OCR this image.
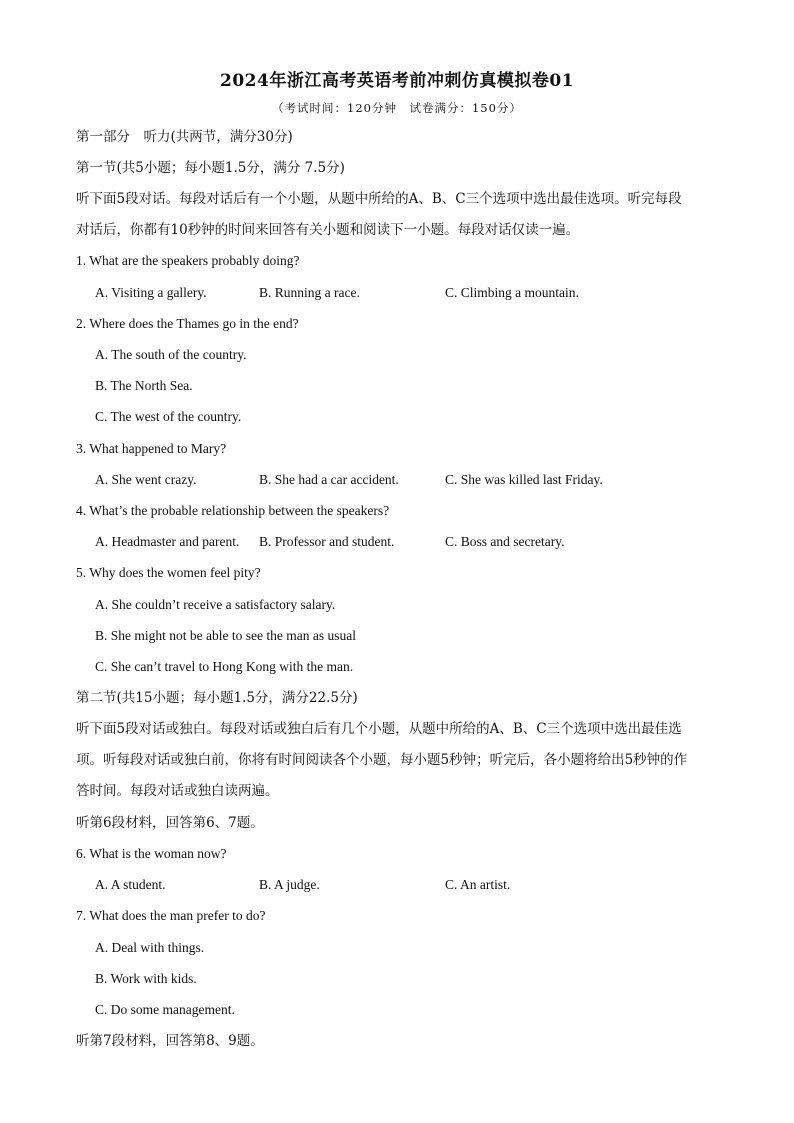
2024年浙江高考英语考前冲刺仿真模拟卷01
（考试时间：120分钟　试卷满分：150分）
第一部分　听力(共两节，满分30分)
第一节(共5小题；每小题1.5分，满分 7.5分)
听下面5段对话。每段对话后有一个小题，从题中所给的A、B、C三个选项中选出最佳选项。听完每段
对话后，你都有10秒钟的时间来回答有关小题和阅读下一小题。每段对话仅读一遍。
1. What are the speakers probably doing?
A. Visiting a gallery.	B. Running a race.	C. Climbing a mountain.
2. Where does the Thames go in the end?
A. The south of the country.
B. The North Sea.
C. The west of the country.
3. What happened to Mary?
A. She went crazy.	B. She had a car accident.	C. She was killed last Friday.
4. What’s the probable relationship between the speakers?
A. Headmaster and parent. B. Professor and student.	C. Boss and secretary.
5. Why does the women feel pity?
A. She couldn’t receive a satisfactory salary.
B. She might not be able to see the man as usual
C. She can’t travel to Hong Kong with the man.
第二节(共15小题；每小题1.5分，满分22.5分)
听下面5段对话或独白。每段对话或独白后有几个小题，从题中所给的A、B、C三个选项中选出最佳选
项。听每段对话或独白前，你将有时间阅读各个小题，每小题5秒钟；听完后，各小题将给出5秒钟的作
答时间。每段对话或独白读两遍。
听第6段材料，回答第6、7题。
6. What is the woman now?
A. A student.	B. A judge.	C. An artist.
7. What does the man prefer to do?
A. Deal with things.
B. Work with kids.
C. Do some management.
听第7段材料，回答第8、9题。
